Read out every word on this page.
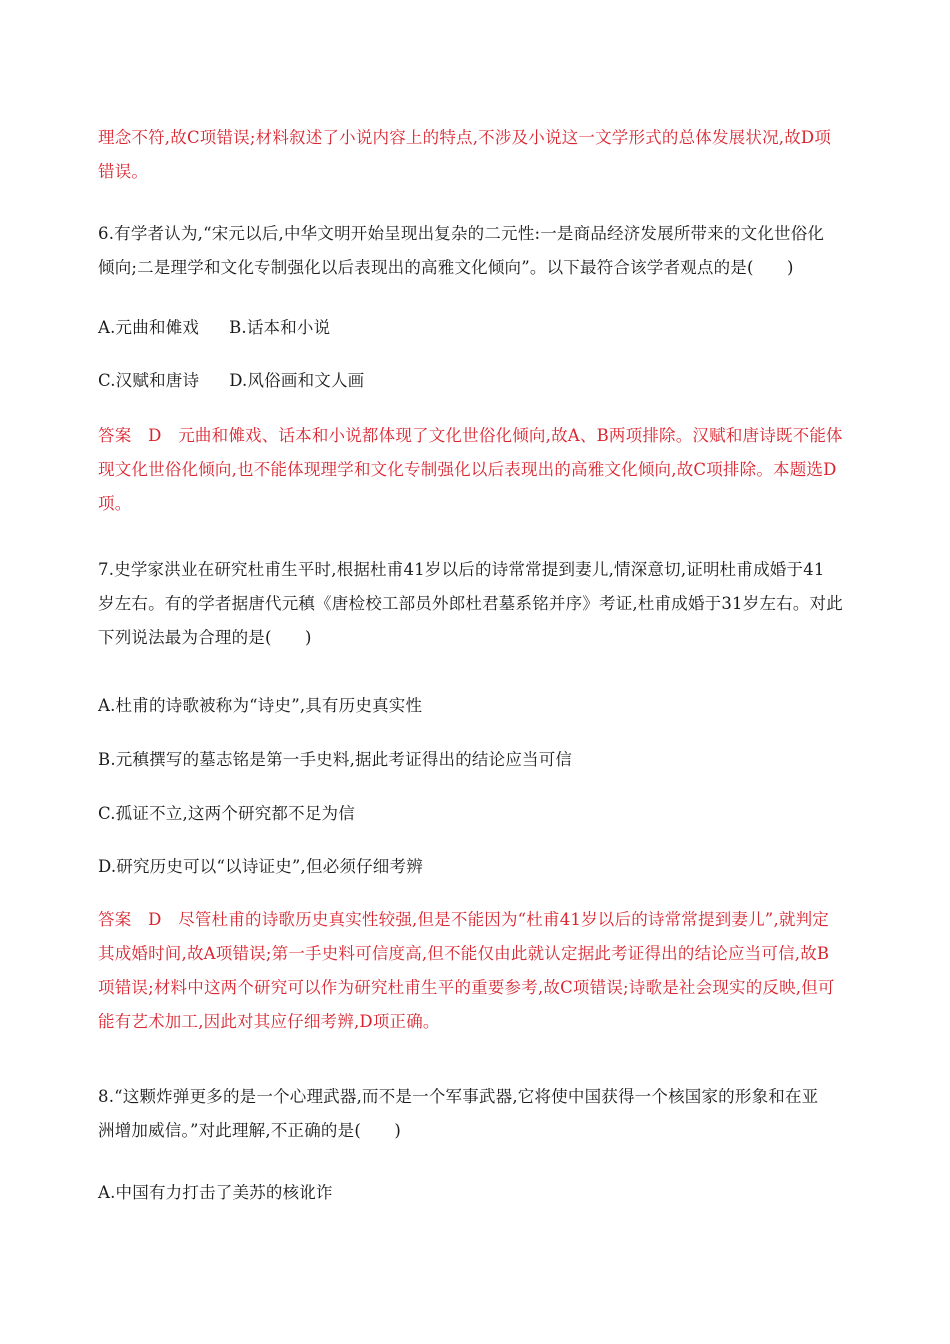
理念不符,故C项错误;材料叙述了小说内容上的特点,不涉及小说这一文学形式的总体发展状况,故D项
错误。
6.有学者认为,“宋元以后,中华文明开始呈现出复杂的二元性:一是商品经济发展所带来的文化世俗化
倾向;二是理学和文化专制强化以后表现出的高雅文化倾向”。以下最符合该学者观点的是(　　)
A.元曲和傩戏 B.话本和小说
C.汉赋和唐诗 D.风俗画和文人画
答案　D　元曲和傩戏、话本和小说都体现了文化世俗化倾向,故A、B两项排除。汉赋和唐诗既不能体
现文化世俗化倾向,也不能体现理学和文化专制强化以后表现出的高雅文化倾向,故C项排除。本题选D
项。
7.史学家洪业在研究杜甫生平时,根据杜甫41岁以后的诗常常提到妻儿,情深意切,证明杜甫成婚于41
岁左右。有的学者据唐代元稹《唐检校工部员外郎杜君墓系铭并序》考证,杜甫成婚于31岁左右。对此
下列说法最为合理的是(　　)
A.杜甫的诗歌被称为“诗史”,具有历史真实性
B.元稹撰写的墓志铭是第一手史料,据此考证得出的结论应当可信
C.孤证不立,这两个研究都不足为信
D.研究历史可以“以诗证史”,但必须仔细考辨
答案　D　尽管杜甫的诗歌历史真实性较强,但是不能因为“杜甫41岁以后的诗常常提到妻儿”,就判定
其成婚时间,故A项错误;第一手史料可信度高,但不能仅由此就认定据此考证得出的结论应当可信,故B
项错误;材料中这两个研究可以作为研究杜甫生平的重要参考,故C项错误;诗歌是社会现实的反映,但可
能有艺术加工,因此对其应仔细考辨,D项正确。
8.“这颗炸弹更多的是一个心理武器,而不是一个军事武器,它将使中国获得一个核国家的形象和在亚
洲增加威信。”对此理解,不正确的是(　　)
A.中国有力打击了美苏的核讹诈
